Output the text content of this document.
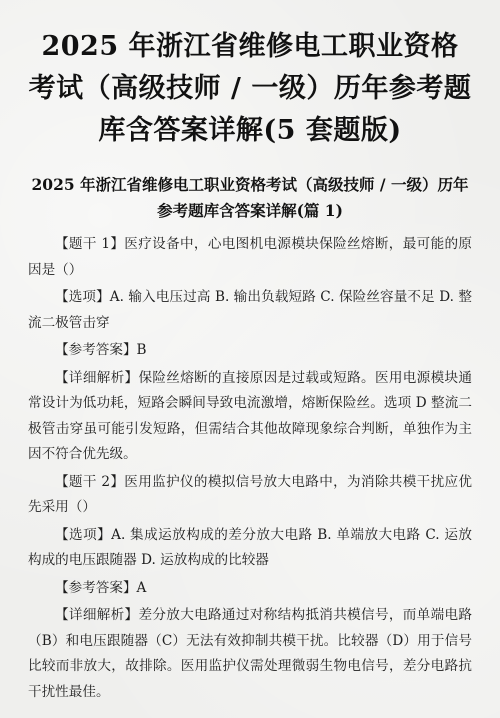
2025 年浙江省维修电工职业资格考试（高级技师 / 一级）历年参考题库含答案详解(5 套题版)
2025 年浙江省维修电工职业资格考试（高级技师 / 一级）历年参考题库含答案详解(篇 1)

【题干 1】医疗设备中，心电图机电源模块保险丝熔断，最可能的原因是（）

【选项】A. 输入电压过高 B. 输出负载短路 C. 保险丝容量不足 D. 整流二极管击穿

【参考答案】B

【详细解析】保险丝熔断的直接原因是过载或短路。医用电源模块通常设计为低功耗，短路会瞬间导致电流激增，熔断保险丝。选项 D 整流二极管击穿虽可能引发短路，但需结合其他故障现象综合判断，单独作为主因不符合优先级。

【题干 2】医用监护仪的模拟信号放大电路中，为消除共模干扰应优先采用（）

【选项】A. 集成运放构成的差分放大电路 B. 单端放大电路 C. 运放构成的电压跟随器 D. 运放构成的比较器

【参考答案】A

【详细解析】差分放大电路通过对称结构抵消共模信号，而单端电路（B）和电压跟随器（C）无法有效抑制共模干扰。比较器（D）用于信号比较而非放大，故排除。医用监护仪需处理微弱生物电信号，差分电路抗干扰性最佳。
